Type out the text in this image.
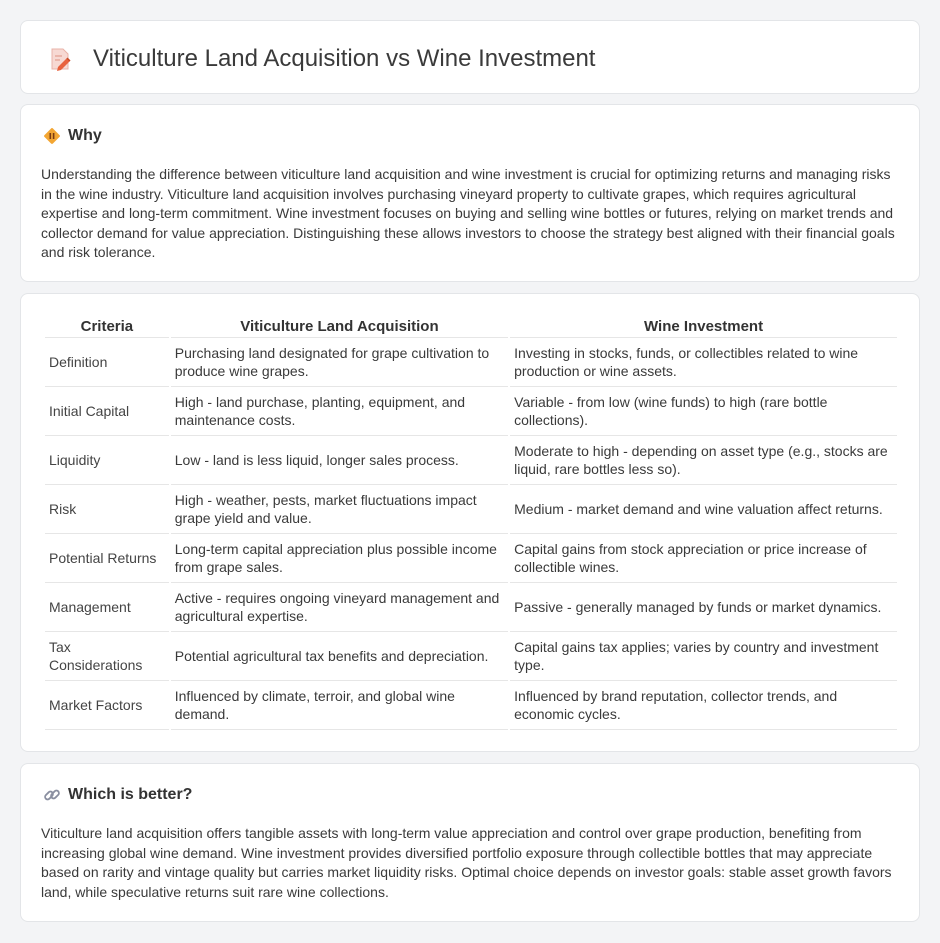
Viticulture Land Acquisition vs Wine Investment
Why

Understanding the difference between viticulture land acquisition and wine investment is crucial for optimizing returns and managing risks in the wine industry. Viticulture land acquisition involves purchasing vineyard property to cultivate grapes, which requires agricultural expertise and long-term commitment. Wine investment focuses on buying and selling wine bottles or futures, relying on market trends and collector demand for value appreciation. Distinguishing these allows investors to choose the strategy best aligned with their financial goals and risk tolerance.

Criteria	Viticulture Land Acquisition	Wine Investment
Definition	Purchasing land designated for grape cultivation to produce wine grapes.	Investing in stocks, funds, or collectibles related to wine production or wine assets.
Initial Capital	High - land purchase, planting, equipment, and maintenance costs.	Variable - from low (wine funds) to high (rare bottle collections).
Liquidity	Low - land is less liquid, longer sales process.	Moderate to high - depending on asset type (e.g., stocks are liquid, rare bottles less so).
Risk	High - weather, pests, market fluctuations impact grape yield and value.	Medium - market demand and wine valuation affect returns.
Potential Returns	Long-term capital appreciation plus possible income from grape sales.	Capital gains from stock appreciation or price increase of collectible wines.
Management	Active - requires ongoing vineyard management and agricultural expertise.	Passive - generally managed by funds or market dynamics.
Tax Considerations	Potential agricultural tax benefits and depreciation.	Capital gains tax applies; varies by country and investment type.
Market Factors	Influenced by climate, terroir, and global wine demand.	Influenced by brand reputation, collector trends, and economic cycles.
Which is better?

Viticulture land acquisition offers tangible assets with long-term value appreciation and control over grape production, benefiting from increasing global wine demand. Wine investment provides diversified portfolio exposure through collectible bottles that may appreciate based on rarity and vintage quality but carries market liquidity risks. Optimal choice depends on investor goals: stable asset growth favors land, while speculative returns suit rare wine collections.
